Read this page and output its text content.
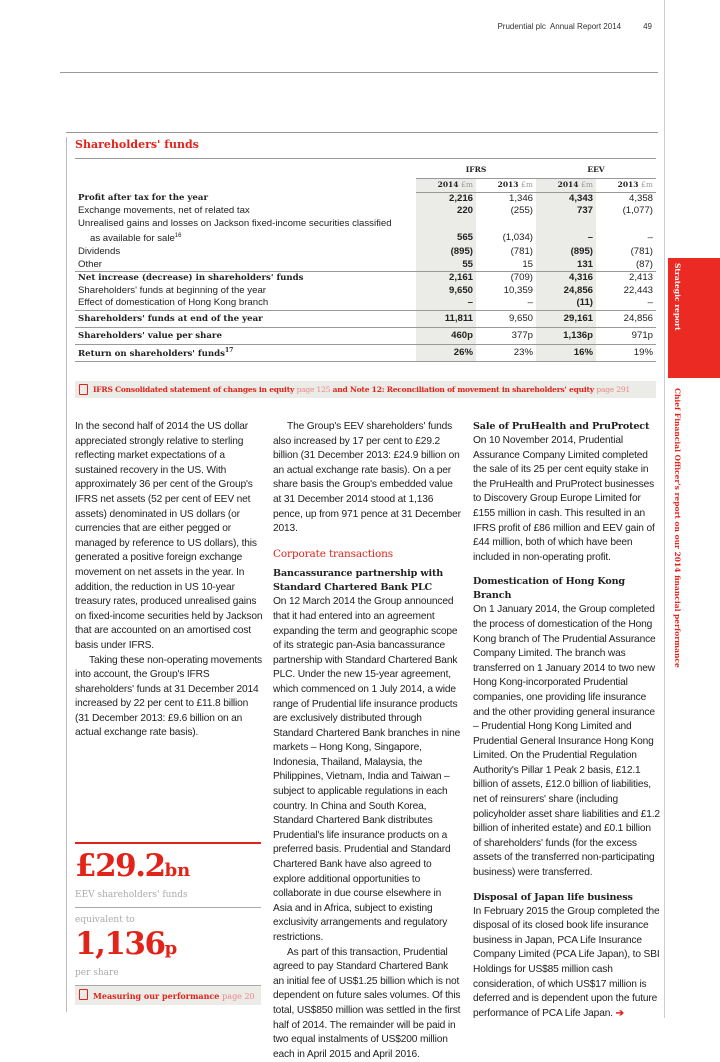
Prudential plc Annual Report 2014	49
Shareholders' funds
	IFRS		EEV	
	2014 £m	2013 £m	2014 £m	2013 £m
Profit after tax for the year	2,216	1,346	4,343	4,358
Exchange movements, net of related tax	220	(255)	737	(1,077)
Unrealised gains and losses on Jackson fixed-income securities classified				
as available for sale$^{16}$	565	(1,034)	–	–
Dividends	(895)	(781)	(895)	(781)
Other	55	15	131	(87)
Net increase (decrease) in shareholders' funds	2,161	(709)	4,316	2,413
Shareholders' funds at beginning of the year	9,650	10,359	24,856	22,443
Effect of domestication of Hong Kong branch	–	–	(11)	–
Shareholders' funds at end of the year	11,811	9,650	29,161	24,856
Shareholders' value per share	460p	377p	1,136p	971p
Return on shareholders' funds$^{17}$	26%	23%	16%	19%

IFRS Consolidated statement of changes in equity page 125 and Note 12: Reconciliation of movement in shareholders' equity page 291
Strategic report
Chief Financial Officer's report on our 2014 financial performance

In the second half of 2014 the US dollar appreciated strongly relative to sterling reflecting market expectations of a sustained recovery in the US. With approximately 36 per cent of the Group's IFRS net assets (52 per cent of EEV net assets) denominated in US dollars (or currencies that are either pegged or managed by reference to US dollars), this generated a positive foreign exchange movement on net assets in the year. In addition, the reduction in US 10-year treasury rates, produced unrealised gains on fixed-income securities held by Jackson that are accounted on an amortised cost basis under IFRS.

Taking these non-operating movements into account, the Group's IFRS shareholders' funds at 31 December 2014 increased by 22 per cent to £11.8 billion (31 December 2013: £9.6 billion on an actual exchange rate basis).

£29.2bn
EEV shareholders' funds
equivalent to
1,136p
per share
Measuring our performance page 20

The Group's EEV shareholders' funds also increased by 17 per cent to £29.2 billion (31 December 2013: £24.9 billion on an actual exchange rate basis). On a per share basis the Group's embedded value at 31 December 2014 stood at 1,136 pence, up from 971 pence at 31 December 2013.

Corporate transactions
Bancassurance partnership with Standard Chartered Bank PLC

On 12 March 2014 the Group announced that it had entered into an agreement expanding the term and geographic scope of its strategic pan-Asia bancassurance partnership with Standard Chartered Bank PLC. Under the new 15-year agreement, which commenced on 1 July 2014, a wide range of Prudential life insurance products are exclusively distributed through Standard Chartered Bank branches in nine markets – Hong Kong, Singapore, Indonesia, Thailand, Malaysia, the Philippines, Vietnam, India and Taiwan – subject to applicable regulations in each country. In China and South Korea, Standard Chartered Bank distributes Prudential's life insurance products on a preferred basis. Prudential and Standard Chartered Bank have also agreed to explore additional opportunities to collaborate in due course elsewhere in Asia and in Africa, subject to existing exclusivity arrangements and regulatory restrictions.

As part of this transaction, Prudential agreed to pay Standard Chartered Bank an initial fee of US$1.25 billion which is not dependent on future sales volumes. Of this total, US$850 million was settled in the first half of 2014. The remainder will be paid in two equal instalments of US$200 million each in April 2015 and April 2016.

Sale of PruHealth and PruProtect

On 10 November 2014, Prudential Assurance Company Limited completed the sale of its 25 per cent equity stake in the PruHealth and PruProtect businesses to Discovery Group Europe Limited for £155 million in cash. This resulted in an IFRS profit of £86 million and EEV gain of £44 million, both of which have been included in non-operating profit.

Domestication of Hong Kong Branch

On 1 January 2014, the Group completed the process of domestication of the Hong Kong branch of The Prudential Assurance Company Limited. The branch was transferred on 1 January 2014 to two new Hong Kong-incorporated Prudential companies, one providing life insurance and the other providing general insurance – Prudential Hong Kong Limited and Prudential General Insurance Hong Kong Limited. On the Prudential Regulation Authority's Pillar 1 Peak 2 basis, £12.1 billion of assets, £12.0 billion of liabilities, net of reinsurers' share (including policyholder asset share liabilities and £1.2 billion of inherited estate) and £0.1 billion of shareholders' funds (for the excess assets of the transferred non-participating business) were transferred.

Disposal of Japan life business

In February 2015 the Group completed the disposal of its closed book life insurance business in Japan, PCA Life Insurance Company Limited (PCA Life Japan), to SBI Holdings for US$85 million cash consideration, of which US$17 million is deferred and is dependent upon the future performance of PCA Life Japan. ➔
